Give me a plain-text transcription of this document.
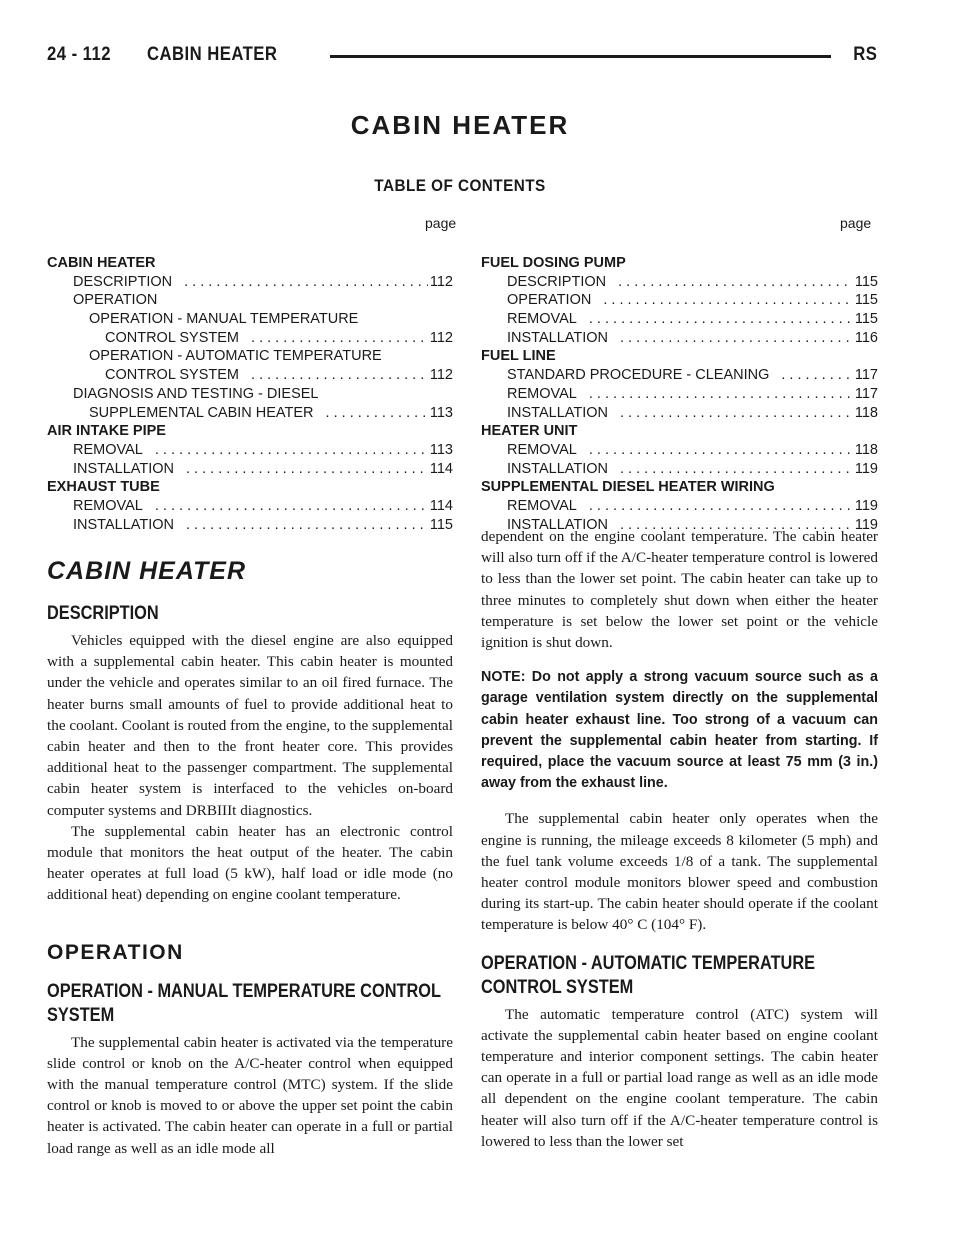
24 - 112 CABIN HEATER	RS
CABIN HEATER
TABLE OF CONTENTS
page	page
CABIN HEATER
DESCRIPTION . . .	112
OPERATION
OPERATION - MANUAL TEMPERATURE
CONTROL SYSTEM . . .	112
OPERATION - AUTOMATIC TEMPERATURE
CONTROL SYSTEM . . .	112
DIAGNOSIS AND TESTING - DIESEL
SUPPLEMENTAL CABIN HEATER . . .	113
AIR INTAKE PIPE
REMOVAL . . .	113
INSTALLATION . . .	114
EXHAUST TUBE
REMOVAL . . .	114
INSTALLATION . . .	115
FUEL DOSING PUMP
DESCRIPTION . . .	115
OPERATION . . .	115
REMOVAL . . .	115
INSTALLATION . . .	116
FUEL LINE
STANDARD PROCEDURE - CLEANING . . .	117
REMOVAL . . .	117
INSTALLATION . . .	118
HEATER UNIT
REMOVAL . . .	118
INSTALLATION . . .	119
SUPPLEMENTAL DIESEL HEATER WIRING
REMOVAL . . .	119
INSTALLATION . . .	119
CABIN HEATER
DESCRIPTION

Vehicles equipped with the diesel engine are also equipped with a supplemental cabin heater. This cabin heater is mounted under the vehicle and operates similar to an oil fired furnace. The heater burns small amounts of fuel to provide additional heat to the coolant. Coolant is routed from the engine, to the supplemental cabin heater and then to the front heater core. This provides additional heat to the passenger compartment. The supplemental cabin heater system is interfaced to the vehicles on-board computer systems and DRBIIIt diagnostics.

The supplemental cabin heater has an electronic control module that monitors the heat output of the heater. The cabin heater operates at full load (5 kW), half load or idle mode (no additional heat) depending on engine coolant temperature.

OPERATION
OPERATION - MANUAL TEMPERATURE CONTROL SYSTEM

The supplemental cabin heater is activated via the temperature slide control or knob on the A/C-heater control when equipped with the manual temperature control (MTC) system. If the slide control or knob is moved to or above the upper set point the cabin heater is activated. The cabin heater can operate in a full or partial load range as well as an idle mode all

dependent on the engine coolant temperature. The cabin heater will also turn off if the A/C-heater temperature control is lowered to less than the lower set point. The cabin heater can take up to three minutes to completely shut down when either the heater temperature is set below the lower set point or the vehicle ignition is shut down.

NOTE: Do not apply a strong vacuum source such as a garage ventilation system directly on the supplemental cabin heater exhaust line. Too strong of a vacuum can prevent the supplemental cabin heater from starting. If required, place the vacuum source at least 75 mm (3 in.) away from the exhaust line.

The supplemental cabin heater only operates when the engine is running, the mileage exceeds 8 kilometer (5 mph) and the fuel tank volume exceeds 1/8 of a tank. The supplemental heater control module monitors blower speed and combustion during its start-up. The cabin heater should operate if the coolant temperature is below 40° C (104° F).

OPERATION - AUTOMATIC TEMPERATURE CONTROL SYSTEM

The automatic temperature control (ATC) system will activate the supplemental cabin heater based on engine coolant temperature and interior component settings. The cabin heater can operate in a full or partial load range as well as an idle mode all dependent on the engine coolant temperature. The cabin heater will also turn off if the A/C-heater temperature control is lowered to less than the lower set
